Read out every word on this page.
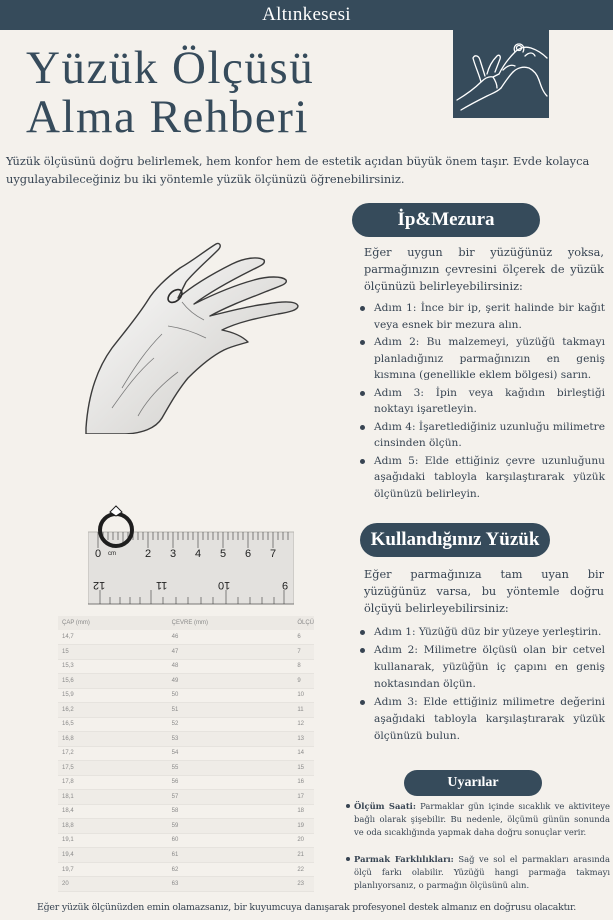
Altınkesesi
Yüzük Ölçüsü
Alma Rehberi

Yüzük ölçüsünü doğru belirlemek, hem konfor hem de estetik açıdan büyük önem taşır. Evde kolayca uygulayabileceğiniz bu iki yöntemle yüzük ölçünüzü öğrenebilirsiniz.

0 cm	2 3 4 5 6 7
12	11	10	9
ÇAP (mm)	ÇEVRE (mm)	ÖLÇÜ
14,7	46	6
15	47	7
15,3	48	8
15,6	49	9
15,9	50	10
16,2	51	11
16,5	52	12
16,8	53	13
17,2	54	14
17,5	55	15
17,8	56	16
18,1	57	17
18,4	58	18
18,8	59	19
19,1	60	20
19,4	61	21
19,7	62	22
20	63	23
İp&Mezura

Eğer uygun bir yüzüğünüz yoksa, parmağınızın çevresini ölçerek de yüzük ölçünüzü belirleyebilirsiniz:

Adım 1: İnce bir ip, şerit halinde bir kağıt veya esnek bir mezura alın.
Adım 2: Bu malzemeyi, yüzüğü takmayı planladığınız parmağınızın en geniş kısmına (genellikle eklem bölgesi) sarın.
Adım 3: İpin veya kağıdın birleştiği noktayı işaretleyin.
Adım 4: İşaretlediğiniz uzunluğu milimetre cinsinden ölçün.
Adım 5: Elde ettiğiniz çevre uzunluğunu aşağıdaki tabloyla karşılaştırarak yüzük ölçünüzü belirleyin.
Kullandığınız Yüzük

Eğer parmağınıza tam uyan bir yüzüğünüz varsa, bu yöntemle doğru ölçüyü belirleyebilirsiniz:

Adım 1: Yüzüğü düz bir yüzeye yerleştirin.
Adım 2: Milimetre ölçüsü olan bir cetvel kullanarak, yüzüğün iç çapını en geniş noktasından ölçün.
Adım 3: Elde ettiğiniz milimetre değerini aşağıdaki tabloyla karşılaştırarak yüzük ölçünüzü bulun.
Uyarılar
Ölçüm Saati: Parmaklar gün içinde sıcaklık ve aktiviteye bağlı olarak şişebilir. Bu nedenle, ölçümü günün sonunda ve oda sıcaklığında yapmak daha doğru sonuçlar verir.
Parmak Farklılıkları: Sağ ve sol el parmakları arasında ölçü farkı olabilir. Yüzüğü hangi parmağa takmayı planlıyorsanız, o parmağın ölçüsünü alın.
Eğer yüzük ölçünüzden emin olamazsanız, bir kuyumcuya danışarak profesyonel destek almanız en doğrusu olacaktır.
